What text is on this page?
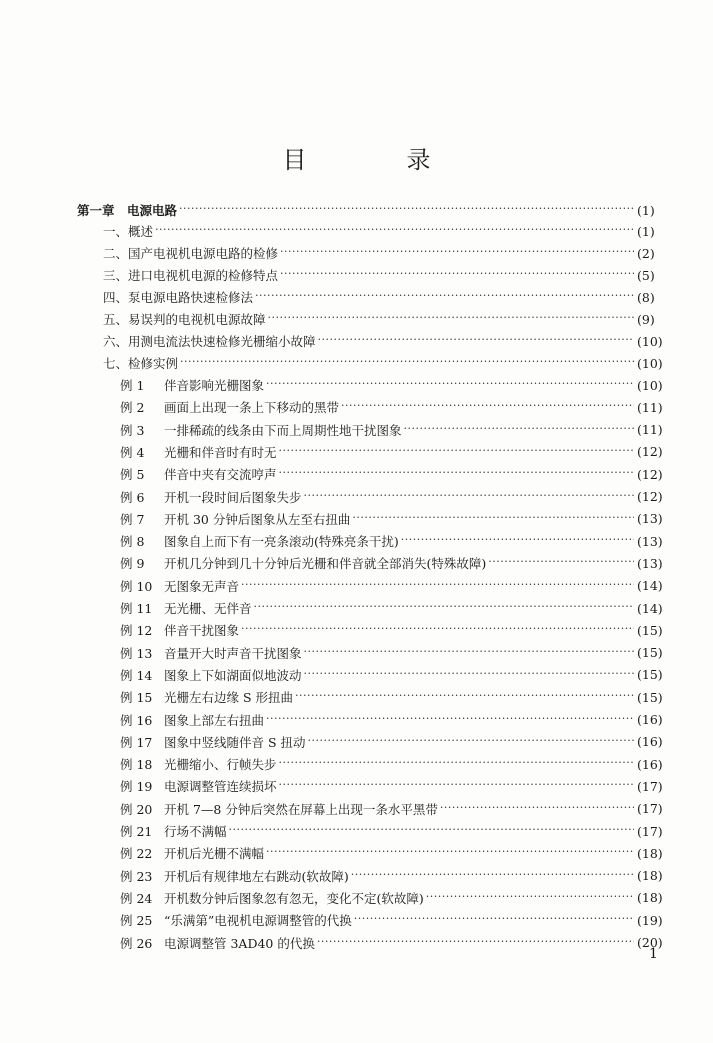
目　录
第一章　电源电路 ·····	(1)
一、概述 ·····	(1)
二、国产电视机电源电路的检修 ·····	(2)
三、进口电视机电源的检修特点 ·····	(5)
四、泵电源电路快速检修法 ·····	(8)
五、易误判的电视机电源故障 ·····	(9)
六、用测电流法快速检修光栅缩小故障 ·····	(10)
七、检修实例 ·····	(10)
例 1	伴音影响光栅图象 ·····	(10)
例 2	画面上出现一条上下移动的黑带 ·····	(11)
例 3	一排稀疏的线条由下而上周期性地干扰图象 ·····	(11)
例 4	光栅和伴音时有时无 ·····	(12)
例 5	伴音中夹有交流哼声 ·····	(12)
例 6	开机一段时间后图象失步 ·····	(12)
例 7	开机 30 分钟后图象从左至右扭曲 ·····	(13)
例 8	图象自上而下有一亮条滚动(特殊亮条干扰) ·····	(13)
例 9	开机几分钟到几十分钟后光栅和伴音就全部消失(特殊故障) ·····	(13)
例 10 无图象无声音 ·····	(14)
例 11 无光栅、无伴音 ·····	(14)
例 12 伴音干扰图象 ·····	(15)
例 13 音量开大时声音干扰图象 ·····	(15)
例 14 图象上下如湖面似地波动 ·····	(15)
例 15 光栅左右边缘 S 形扭曲 ·····	(15)
例 16 图象上部左右扭曲 ·····	(16)
例 17 图象中竖线随伴音 S 扭动 ·····	(16)
例 18 光栅缩小、行帧失步 ·····	(16)
例 19 电源调整管连续损坏 ·····	(17)
例 20 开机 7—8 分钟后突然在屏幕上出现一条水平黑带 ·····	(17)
例 21 行场不满幅 ·····	(17)
例 22 开机后光栅不满幅 ·····	(18)
例 23 开机后有规律地左右跳动(软故障) ·····	(18)
例 24 开机数分钟后图象忽有忽无，变化不定(软故障) ·····	(18)
例 25 “乐满第”电视机电源调整管的代换 ·····	(19)
例 26 电源调整管 3AD40 的代换 ·····	(20)
1
